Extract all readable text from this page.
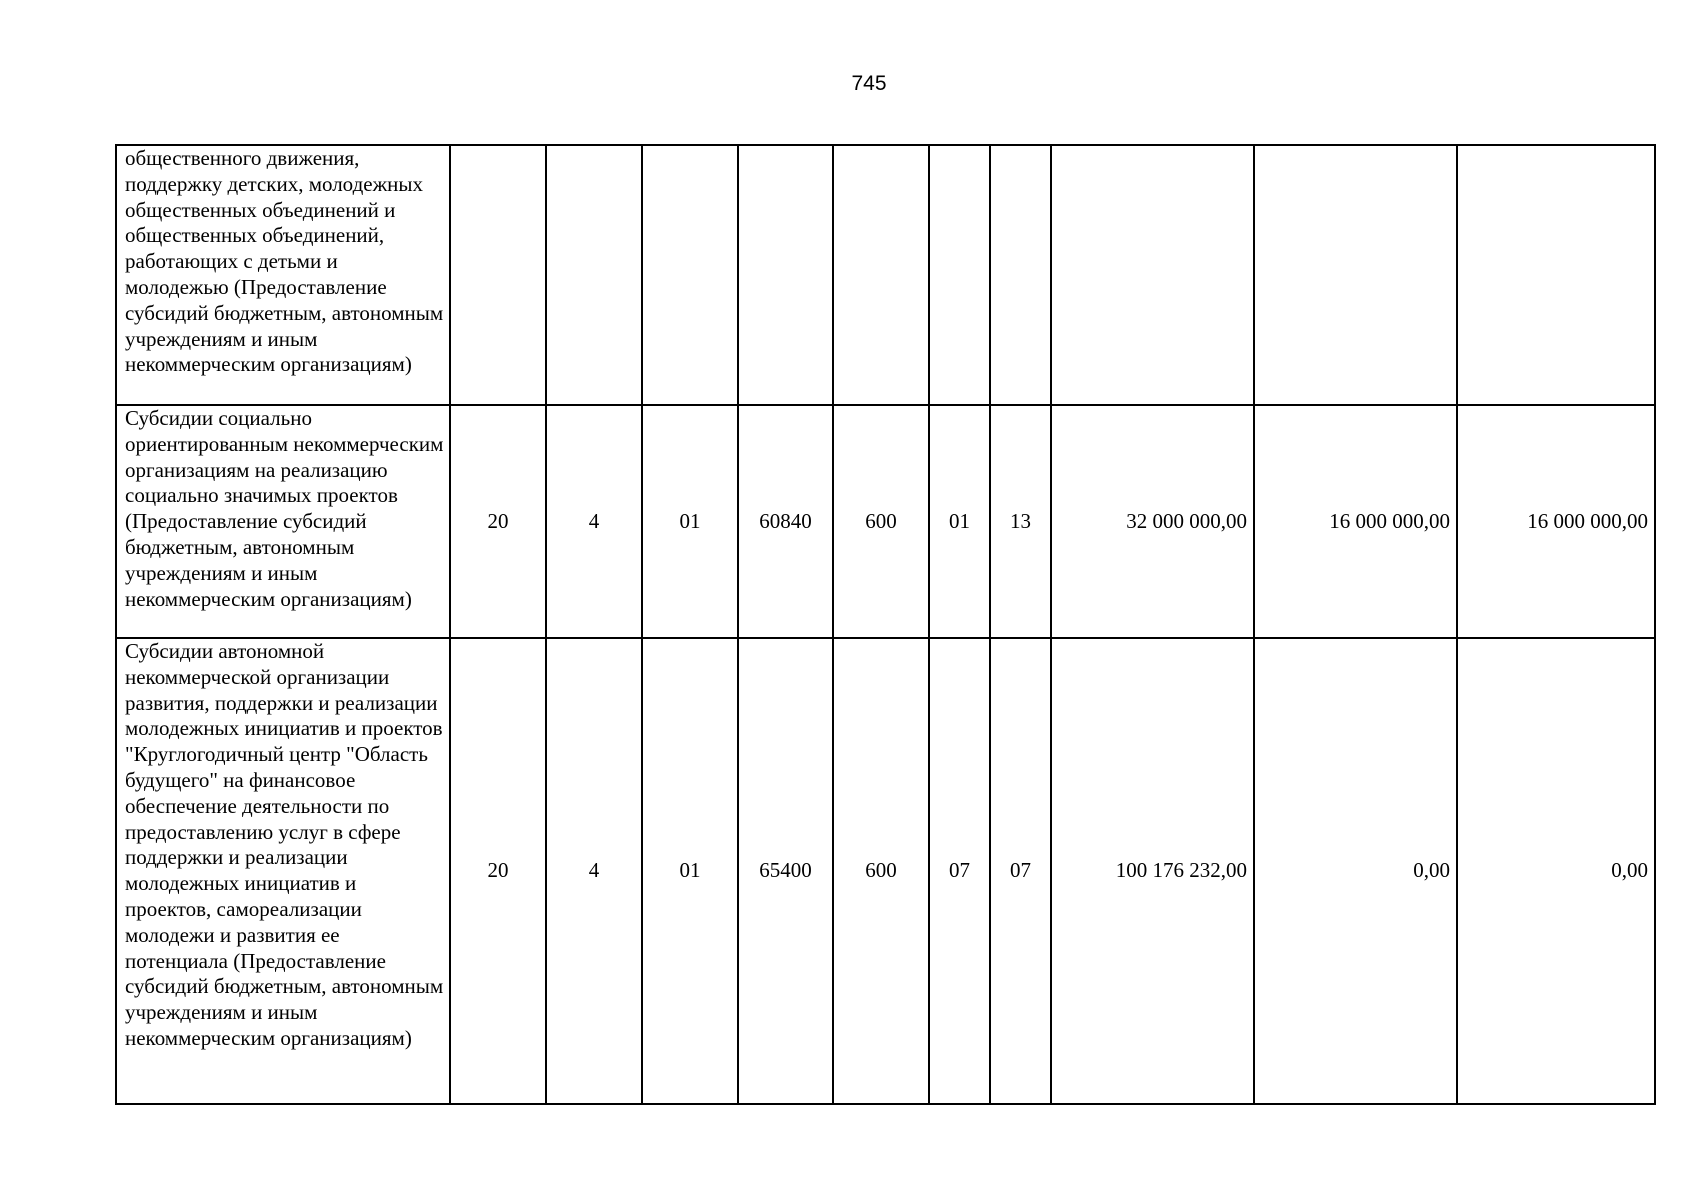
745
общественного движения, поддержку детских, молодежных общественных объединений и общественных объединений, работающих с детьми и молодежью (Предоставление субсидий бюджетным, автономным учреждениям и иным некоммерческим организациям)										
Субсидии социально ориентированным некоммерческим организациям на реализацию социально значимых проектов (Предоставление субсидий бюджетным, автономным учреждениям и иным некоммерческим организациям)	20	4	01	60840	600	01	13	32 000 000,00	16 000 000,00	16 000 000,00
Субсидии автономной некоммерческой организации развития, поддержки и реализации молодежных инициатив и проектов "Круглогодичный центр "Область будущего" на финансовое обеспечение деятельности по предоставлению услуг в сфере поддержки и реализации молодежных инициатив и проектов, самореализации молодежи и развития ее потенциала (Предоставление субсидий бюджетным, автономным учреждениям и иным некоммерческим организациям)	20	4	01	65400	600	07	07	100 176 232,00	0,00	0,00
